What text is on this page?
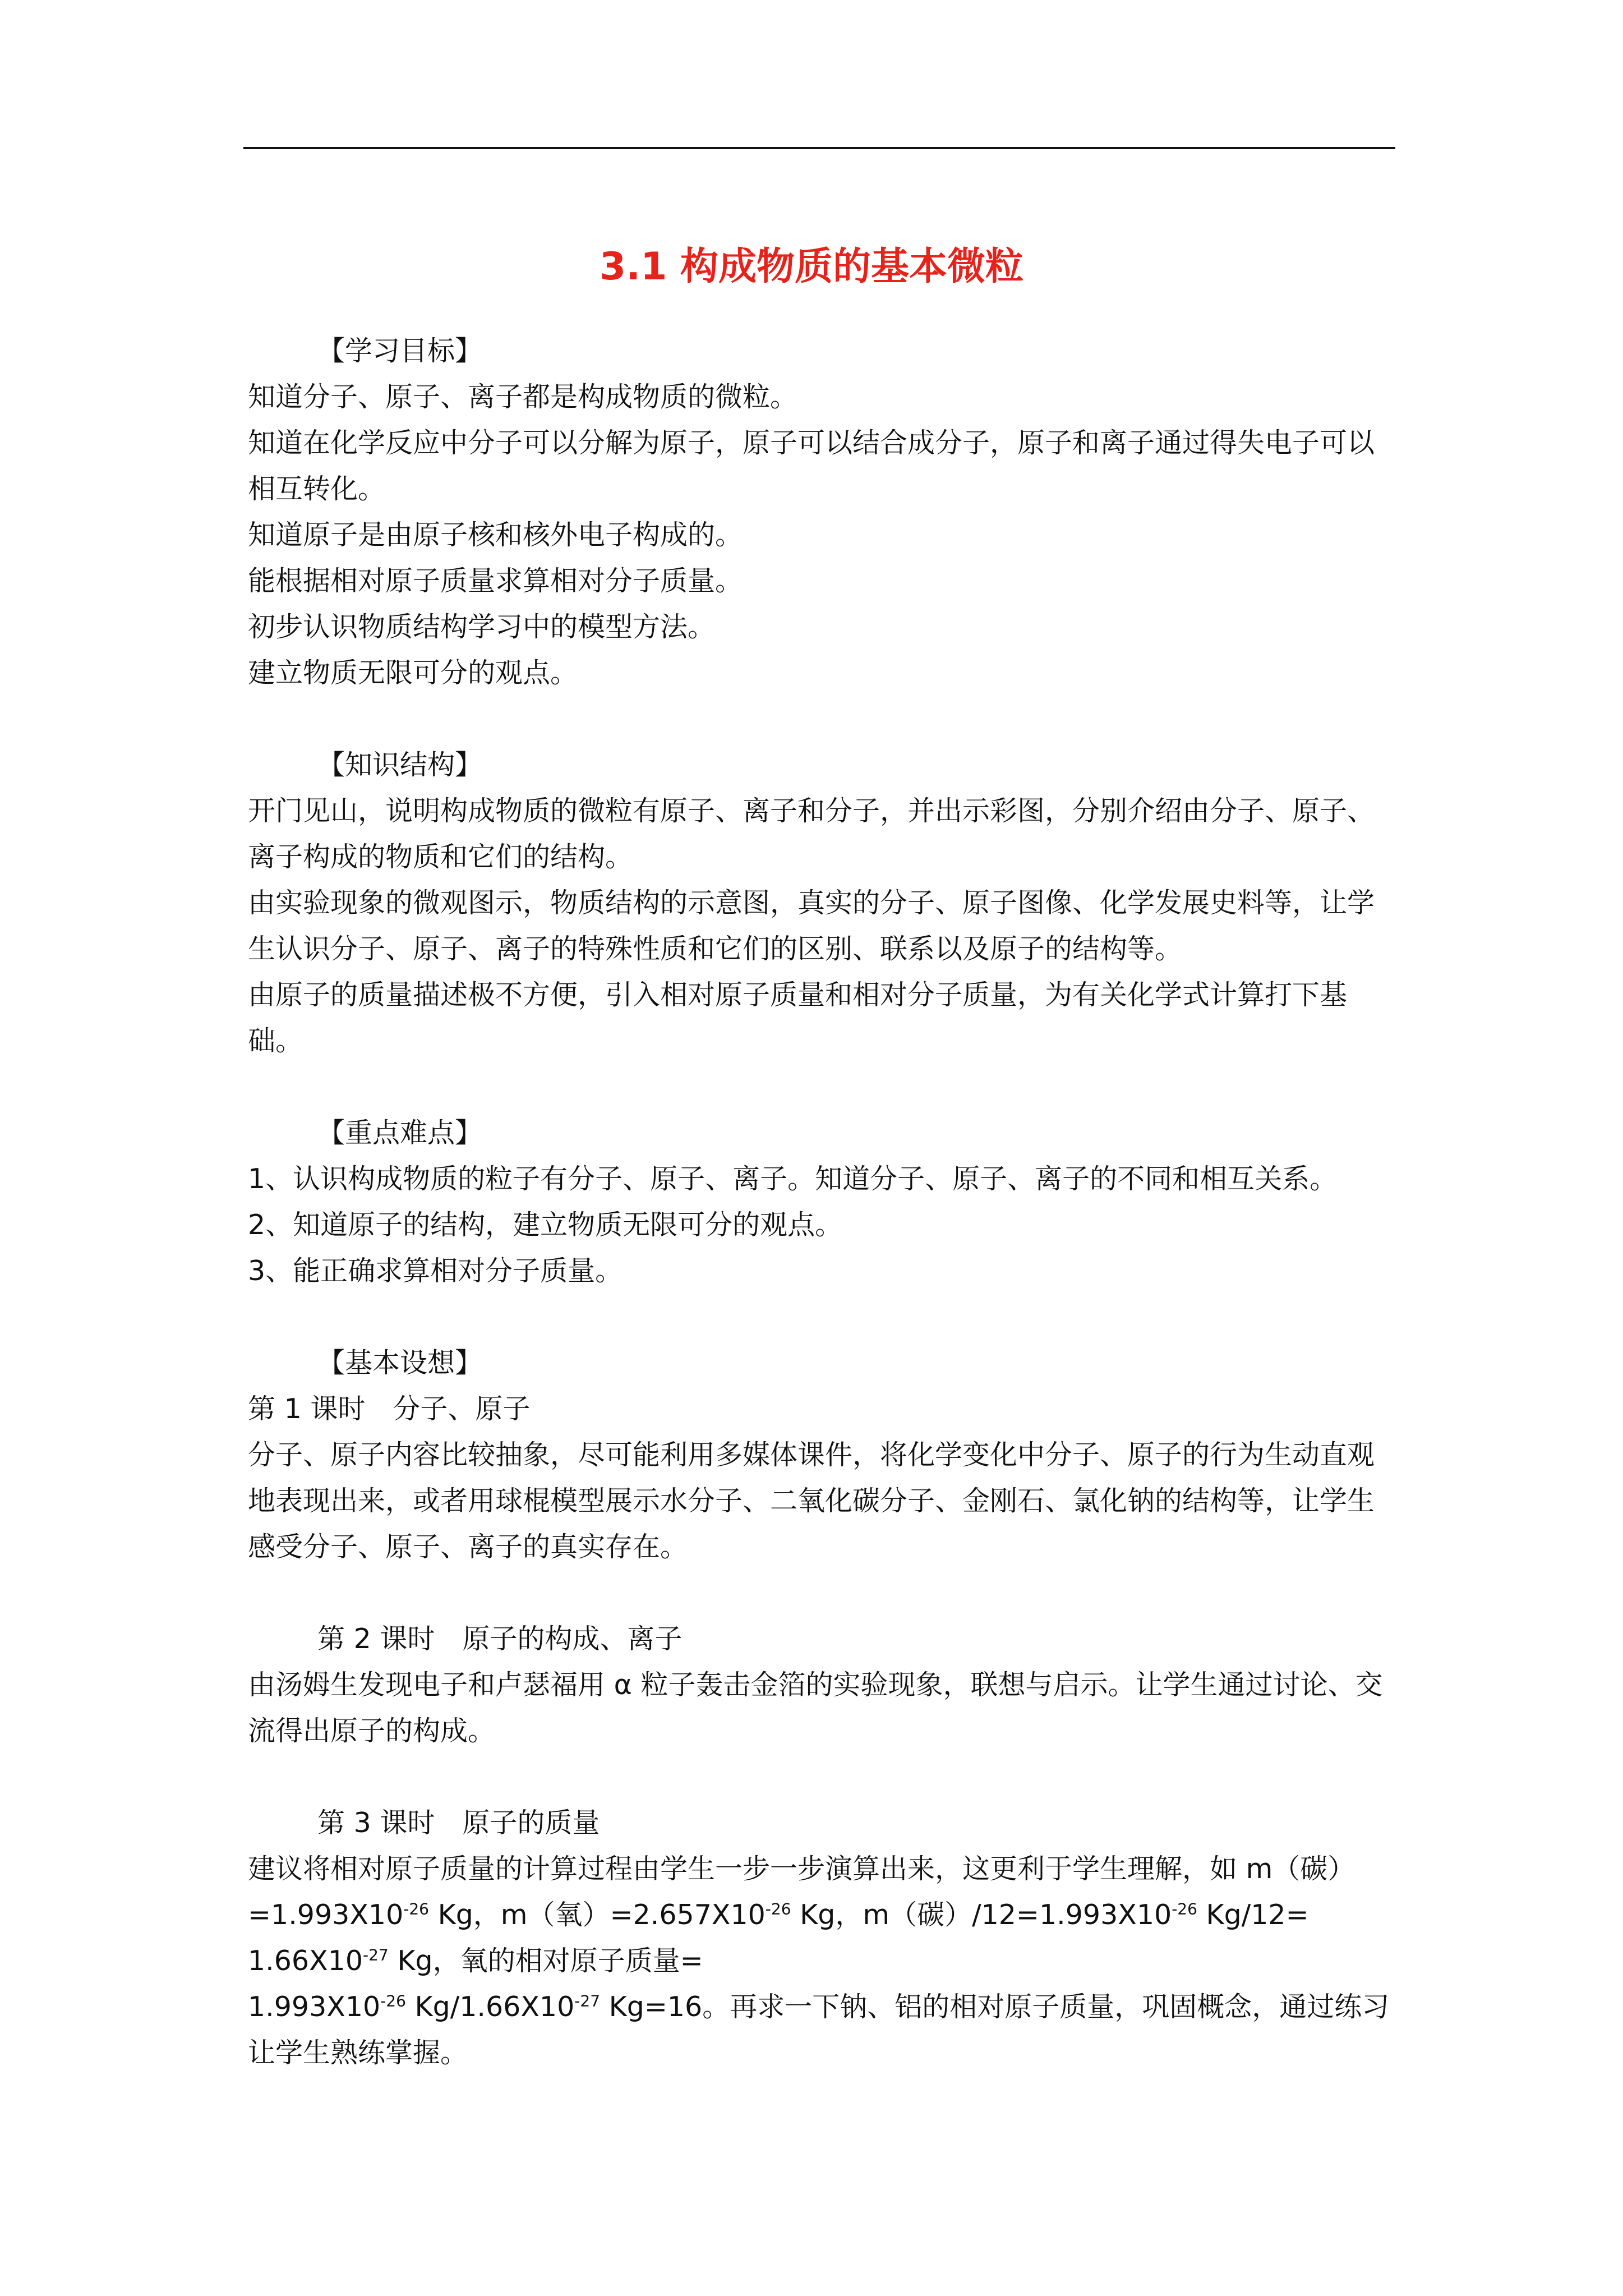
3.1 构成物质的基本微粒

【学习目标】

知道分子、原子、离子都是构成物质的微粒。

知道在化学反应中分子可以分解为原子，原子可以结合成分子，原子和离子通过得失电子可以相互转化。

知道原子是由原子核和核外电子构成的。

能根据相对原子质量求算相对分子质量。

初步认识物质结构学习中的模型方法。

建立物质无限可分的观点。

【知识结构】

开门见山，说明构成物质的微粒有原子、离子和分子，并出示彩图，分别介绍由分子、原子、离子构成的物质和它们的结构。

由实验现象的微观图示，物质结构的示意图，真实的分子、原子图像、化学发展史料等，让学生认识分子、原子、离子的特殊性质和它们的区别、联系以及原子的结构等。

由原子的质量描述极不方便，引入相对原子质量和相对分子质量，为有关化学式计算打下基础。

【重点难点】

1、认识构成物质的粒子有分子、原子、离子。知道分子、原子、离子的不同和相互关系。

2、知道原子的结构，建立物质无限可分的观点。

3、能正确求算相对分子质量。

【基本设想】

第 1 课时　分子、原子

分子、原子内容比较抽象，尽可能利用多媒体课件，将化学变化中分子、原子的行为生动直观地表现出来，或者用球棍模型展示水分子、二氧化碳分子、金刚石、氯化钠的结构等，让学生感受分子、原子、离子的真实存在。

第 2 课时　原子的构成、离子

由汤姆生发现电子和卢瑟福用 α 粒子轰击金箔的实验现象，联想与启示。让学生通过讨论、交流得出原子的构成。

第 3 课时　原子的质量

建议将相对原子质量的计算过程由学生一步一步演算出来，这更利于学生理解，如 m（碳）$=1.993X10^{-26}$ Kg，m（氧）$=2.657X10^{-26}$ Kg，m（碳）$/12=1.993X10^{-26}$ $Kg/12= 1.66X10^{-27}$ Kg，氧的相对原子质量=

$1.993X10^{-26}$ $Kg/1.66X10^{-27}$ Kg=16。再求一下钠、铝的相对原子质量，巩固概念，通过练习让学生熟练掌握。
